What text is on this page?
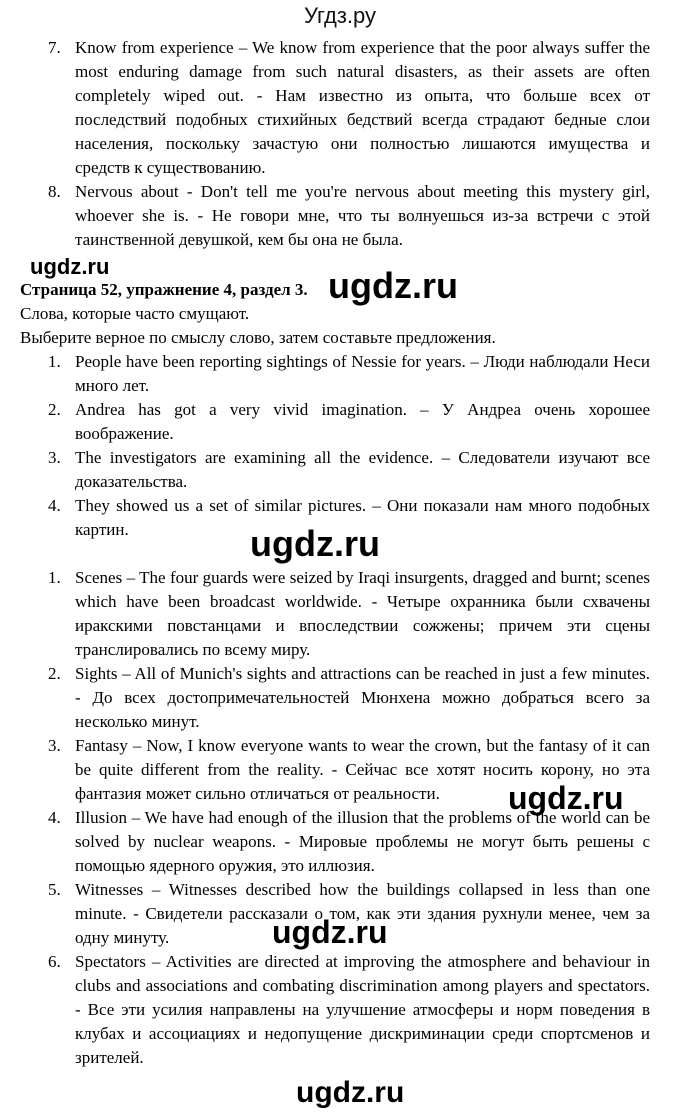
Угдз.ру
7. Know from experience – We know from experience that the poor always suffer the most enduring damage from such natural disasters, as their assets are often completely wiped out. - Нам известно из опыта, что больше всех от последствий подобных стихийных бедствий всегда страдают бедные слои населения, поскольку зачастую они полностью лишаются имущества и средств к существованию.
8. Nervous about - Don't tell me you're nervous about meeting this mystery girl, whoever she is. - Не говори мне, что ты волнуешься из-за встречи с этой таинственной девушкой, кем бы она не была.
ugdz.ru
Страница 52, упражнение 4, раздел 3. ugdz.ru
Слова, которые часто смущают.
Выберите верное по смыслу слово, затем составьте предложения.
1. People have been reporting sightings of Nessie for years. – Люди наблюдали Неси много лет.
2. Andrea has got a very vivid imagination. – У Андреа очень хорошее воображение.
3. The investigators are examining all the evidence. – Следователи изучают все доказательства.
4. They showed us a set of similar pictures. – Они показали нам много подобных картин.	ugdz.ru
1. Scenes – The four guards were seized by Iraqi insurgents, dragged and burnt; scenes which have been broadcast worldwide. - Четыре охранника были схвачены иракскими повстанцами и впоследствии сожжены; причем эти сцены транслировались по всему миру.
2. Sights – All of Munich's sights and attractions can be reached in just a few minutes. - До всех достопримечательностей Мюнхена можно добраться всего за несколько минут.
3. Fantasy – Now, I know everyone wants to wear the crown, but the fantasy of it can be quite different from the reality. - Сейчас все хотят носить корону, но эта фантазия может сильно отличаться от реальности.	ugdz.ru
4. Illusion – We have had enough of the illusion that the problems of the world can be solved by nuclear weapons. - Мировые проблемы не могут быть решены с помощью ядерного оружия, это иллюзия.
5. Witnesses – Witnesses described how the buildings collapsed in less than one minute. - Свидетели рассказали о том, как эти здания рухнули менее, чем за одну минуту.	ugdz.ru
6. Spectators – Activities are directed at improving the atmosphere and behaviour in clubs and associations and combating discrimination among players and spectators. - Все эти усилия направлены на улучшение атмосферы и норм поведения в клубах и ассоциациях и недопущение дискриминации среди спортсменов и зрителей.
ugdz.ru
